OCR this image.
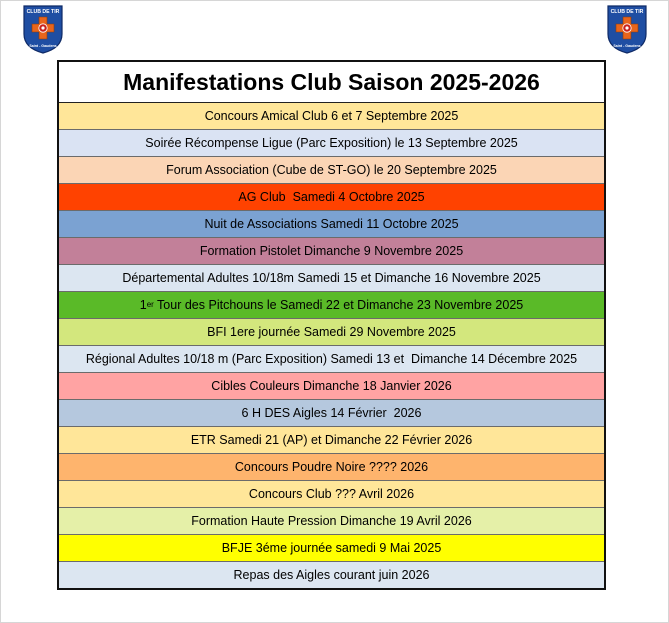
CLUB DE TIR
Saint - Gaudens
CLUB DE TIR
Saint - Gaudens
Manifestations Club Saison 2025-2026
Concours Amical Club 6 et 7 Septembre 2025
Soirée Récompense Ligue (Parc Exposition) le 13 Septembre 2025
Forum Association (Cube de ST-GO) le 20 Septembre 2025
AG Club  Samedi 4 Octobre 2025
Nuit de Associations Samedi 11 Octobre 2025
Formation Pistolet Dimanche 9 Novembre 2025
Départemental Adultes 10/18m Samedi 15 et Dimanche 16 Novembre 2025
1 er Tour des Pitchouns le Samedi 22 et Dimanche 23 Novembre 2025
BFI 1ere journée Samedi 29 Novembre 2025
Régional Adultes 10/18 m (Parc Exposition) Samedi 13 et  Dimanche 14 Décembre 2025
Cibles Couleurs Dimanche 18 Janvier 2026
6 H DES Aigles 14 Février  2026
ETR Samedi 21 (AP) et Dimanche 22 Février 2026
Concours Poudre Noire ???? 2026
Concours Club ??? Avril 2026
Formation Haute Pression Dimanche 19 Avril 2026
BFJE 3éme journée samedi 9 Mai 2025
Repas des Aigles courant juin 2026
